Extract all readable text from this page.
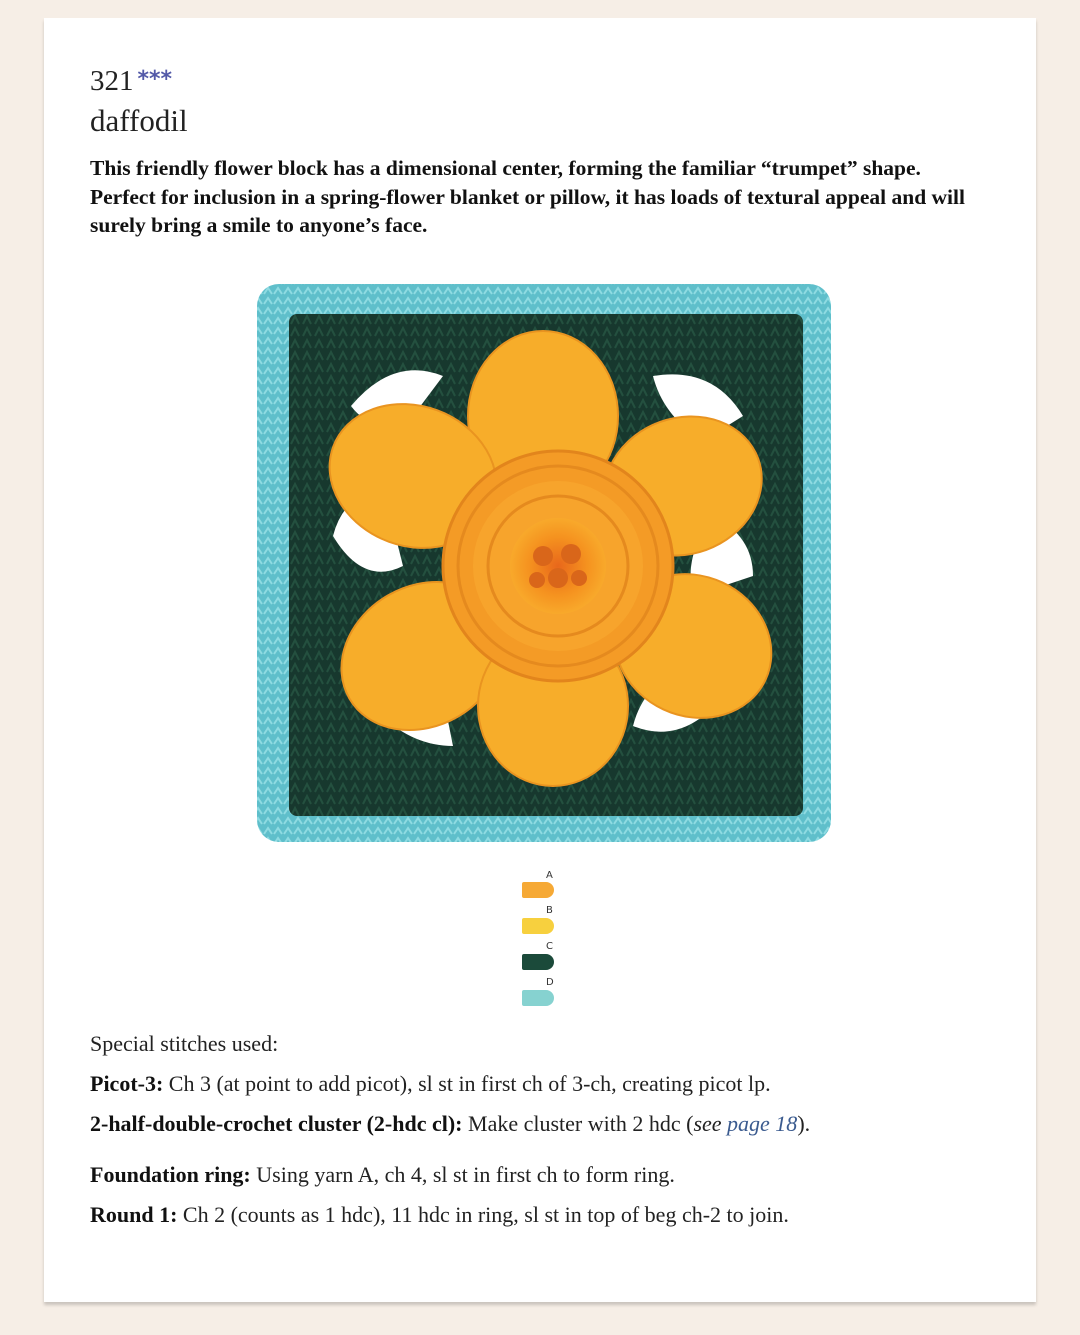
321 ***
daffodil
This friendly flower block has a dimensional center, forming the familiar “trumpet” shape. Perfect for inclusion in a spring-flower blanket or pillow, it has loads of textural appeal and will surely bring a smile to anyone’s face.
A
B
C
D
Special stitches used:
Picot-3: Ch 3 (at point to add picot), sl st in first ch of 3-ch, creating picot lp.
2-half-double-crochet cluster (2-hdc cl): Make cluster with 2 hdc (see page 18).
Foundation ring: Using yarn A, ch 4, sl st in first ch to form ring.
Round 1: Ch 2 (counts as 1 hdc), 11 hdc in ring, sl st in top of beg ch-2 to join.
